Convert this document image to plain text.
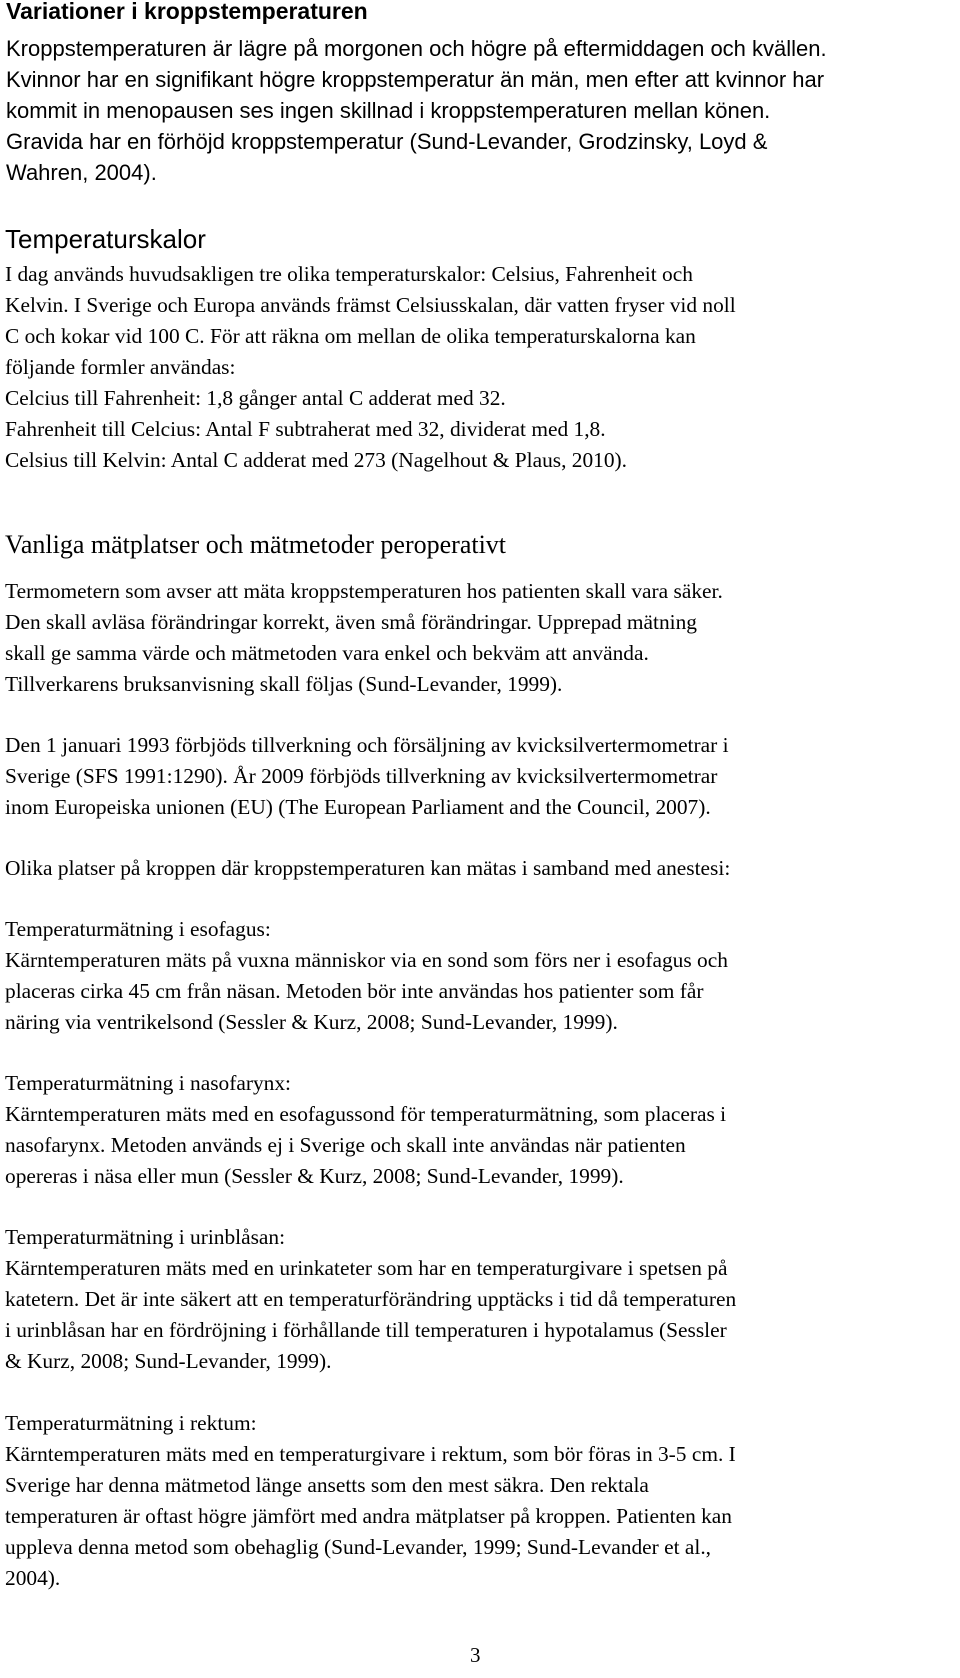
Variationer i kroppstemperaturen

Kroppstemperaturen är lägre på morgonen och högre på eftermiddagen och kvällen.
Kvinnor har en signifikant högre kroppstemperatur än män, men efter att kvinnor har
kommit in menopausen ses ingen skillnad i kroppstemperaturen mellan könen.
Gravida har en förhöjd kroppstemperatur (Sund-Levander, Grodzinsky, Loyd &
Wahren, 2004).

Temperaturskalor

I dag används huvudsakligen tre olika temperaturskalor: Celsius, Fahrenheit och
Kelvin. I Sverige och Europa används främst Celsiusskalan, där vatten fryser vid noll
C och kokar vid 100 C. För att räkna om mellan de olika temperaturskalorna kan
följande formler användas:
Celcius till Fahrenheit: 1,8 gånger antal C adderat med 32.
Fahrenheit till Celcius: Antal F subtraherat med 32, dividerat med 1,8.
Celsius till Kelvin: Antal C adderat med 273 (Nagelhout & Plaus, 2010).

Vanliga mätplatser och mätmetoder peroperativt

Termometern som avser att mäta kroppstemperaturen hos patienten skall vara säker.
Den skall avläsa förändringar korrekt, även små förändringar. Upprepad mätning
skall ge samma värde och mätmetoden vara enkel och bekväm att använda.
Tillverkarens bruksanvisning skall följas (Sund-Levander, 1999).

Den 1 januari 1993 förbjöds tillverkning och försäljning av kvicksilvertermometrar i
Sverige (SFS 1991:1290). År 2009 förbjöds tillverkning av kvicksilvertermometrar
inom Europeiska unionen (EU) (The European Parliament and the Council, 2007).

Olika platser på kroppen där kroppstemperaturen kan mätas i samband med anestesi:

Temperaturmätning i esofagus:
Kärntemperaturen mäts på vuxna människor via en sond som förs ner i esofagus och
placeras cirka 45 cm från näsan. Metoden bör inte användas hos patienter som får
näring via ventrikelsond (Sessler & Kurz, 2008; Sund-Levander, 1999).

Temperaturmätning i nasofarynx:
Kärntemperaturen mäts med en esofagussond för temperaturmätning, som placeras i
nasofarynx. Metoden används ej i Sverige och skall inte användas när patienten
opereras i näsa eller mun (Sessler & Kurz, 2008; Sund-Levander, 1999).

Temperaturmätning i urinblåsan:
Kärntemperaturen mäts med en urinkateter som har en temperaturgivare i spetsen på
katetern. Det är inte säkert att en temperaturförändring upptäcks i tid då temperaturen
i urinblåsan har en fördröjning i förhållande till temperaturen i hypotalamus (Sessler
& Kurz, 2008; Sund-Levander, 1999).

Temperaturmätning i rektum:
Kärntemperaturen mäts med en temperaturgivare i rektum, som bör föras in 3-5 cm. I
Sverige har denna mätmetod länge ansetts som den mest säkra. Den rektala
temperaturen är oftast högre jämfört med andra mätplatser på kroppen. Patienten kan
uppleva denna metod som obehaglig (Sund-Levander, 1999; Sund-Levander et al.,
2004).

3
